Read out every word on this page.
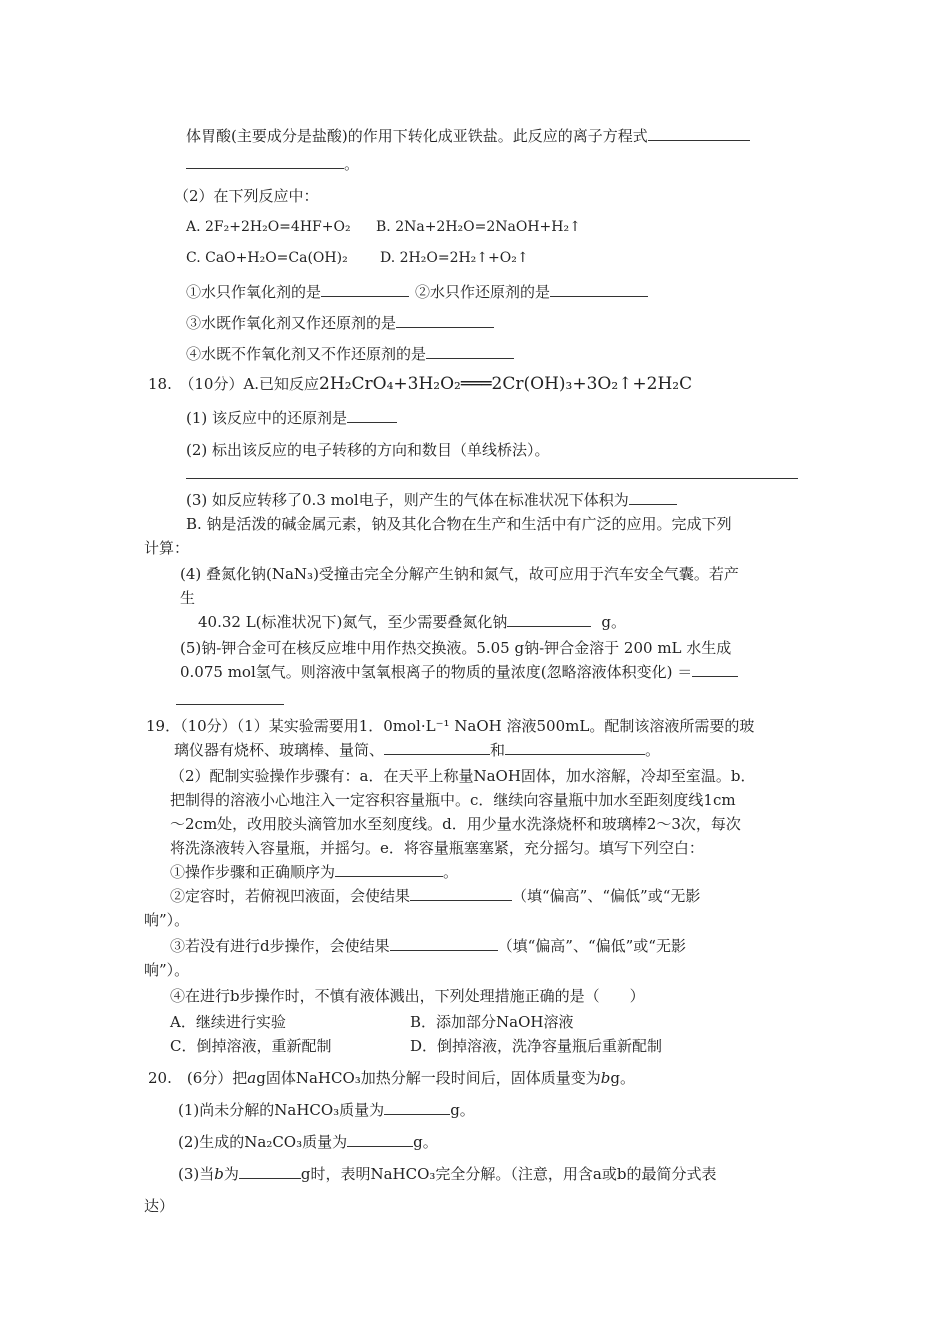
体胃酸(主要成分是盐酸)的作用下转化成亚铁盐。此反应的离子方程式
。
（2）在下列反应中：
A. 2F₂+2H₂O=4HF+O₂ B. 2Na+2H₂O=2NaOH+H₂↑
C. CaO+H₂O=Ca(OH)₂ D. 2H₂O=2H₂↑+O₂↑
①水只作氧化剂的是	②水只作还原剂的是
③水既作氧化剂又作还原剂的是
④水既不作氧化剂又不作还原剂的是
18.　（10分）A.已知反应2H₂CrO₄+3H₂O₂═══2Cr(OH)₃+3O₂↑+2H₂C
(1) 该反应中的还原剂是
(2) 标出该反应的电子转移的方向和数目（单线桥法）。
(3) 如反应转移了0.3 mol电子，则产生的气体在标准状况下体积为
B. 钠是活泼的碱金属元素，钠及其化合物在生产和生活中有广泛的应用。完成下列
计算：
(4) 叠氮化钠(NaN₃)受撞击完全分解产生钠和氮气，故可应用于汽车安全气囊。若产
生
40.32 L(标准状况下)氮气，至少需要叠氮化钠	g。
(5)钠-钾合金可在核反应堆中用作热交换液。5.05 g钠-钾合金溶于 200 mL 水生成
0.075 mol氢气。则溶液中氢氧根离子的物质的量浓度(忽略溶液体积变化) ＝
19．（10分）（1）某实验需要用1．0mol·L⁻¹ NaOH 溶液500mL。配制该溶液所需要的玻
璃仪器有烧杯、玻璃棒、量筒、	和	。
（2）配制实验操作步骤有：a．在天平上称量NaOH固体，加水溶解，冷却至室温。b．
把制得的溶液小心地注入一定容积容量瓶中。c．继续向容量瓶中加水至距刻度线1cm
～2cm处，改用胶头滴管加水至刻度线。d．用少量水洗涤烧杯和玻璃棒2～3次，每次
将洗涤液转入容量瓶，并摇匀。e．将容量瓶塞塞紧，充分摇匀。填写下列空白：
①操作步骤和正确顺序为	。
②定容时，若俯视凹液面，会使结果	（填“偏高”、“偏低”或“无影
响”）。
③若没有进行d步操作，会使结果	（填“偏高”、“偏低”或“无影
响”）。
④在进行b步操作时，不慎有液体溅出，下列处理措施正确的是（　　）
A．继续进行实验	B．添加部分NaOH溶液
C．倒掉溶液，重新配制	D．倒掉溶液，洗净容量瓶后重新配制
20.　(6分）把ag固体NaHCO₃加热分解一段时间后，固体质量变为bg。
(1)尚未分解的NaHCO₃质量为	g。
(2)生成的Na₂CO₃质量为	g。
(3)当b为	g时，表明NaHCO₃完全分解。（注意，用含a或b的最简分式表
达）
